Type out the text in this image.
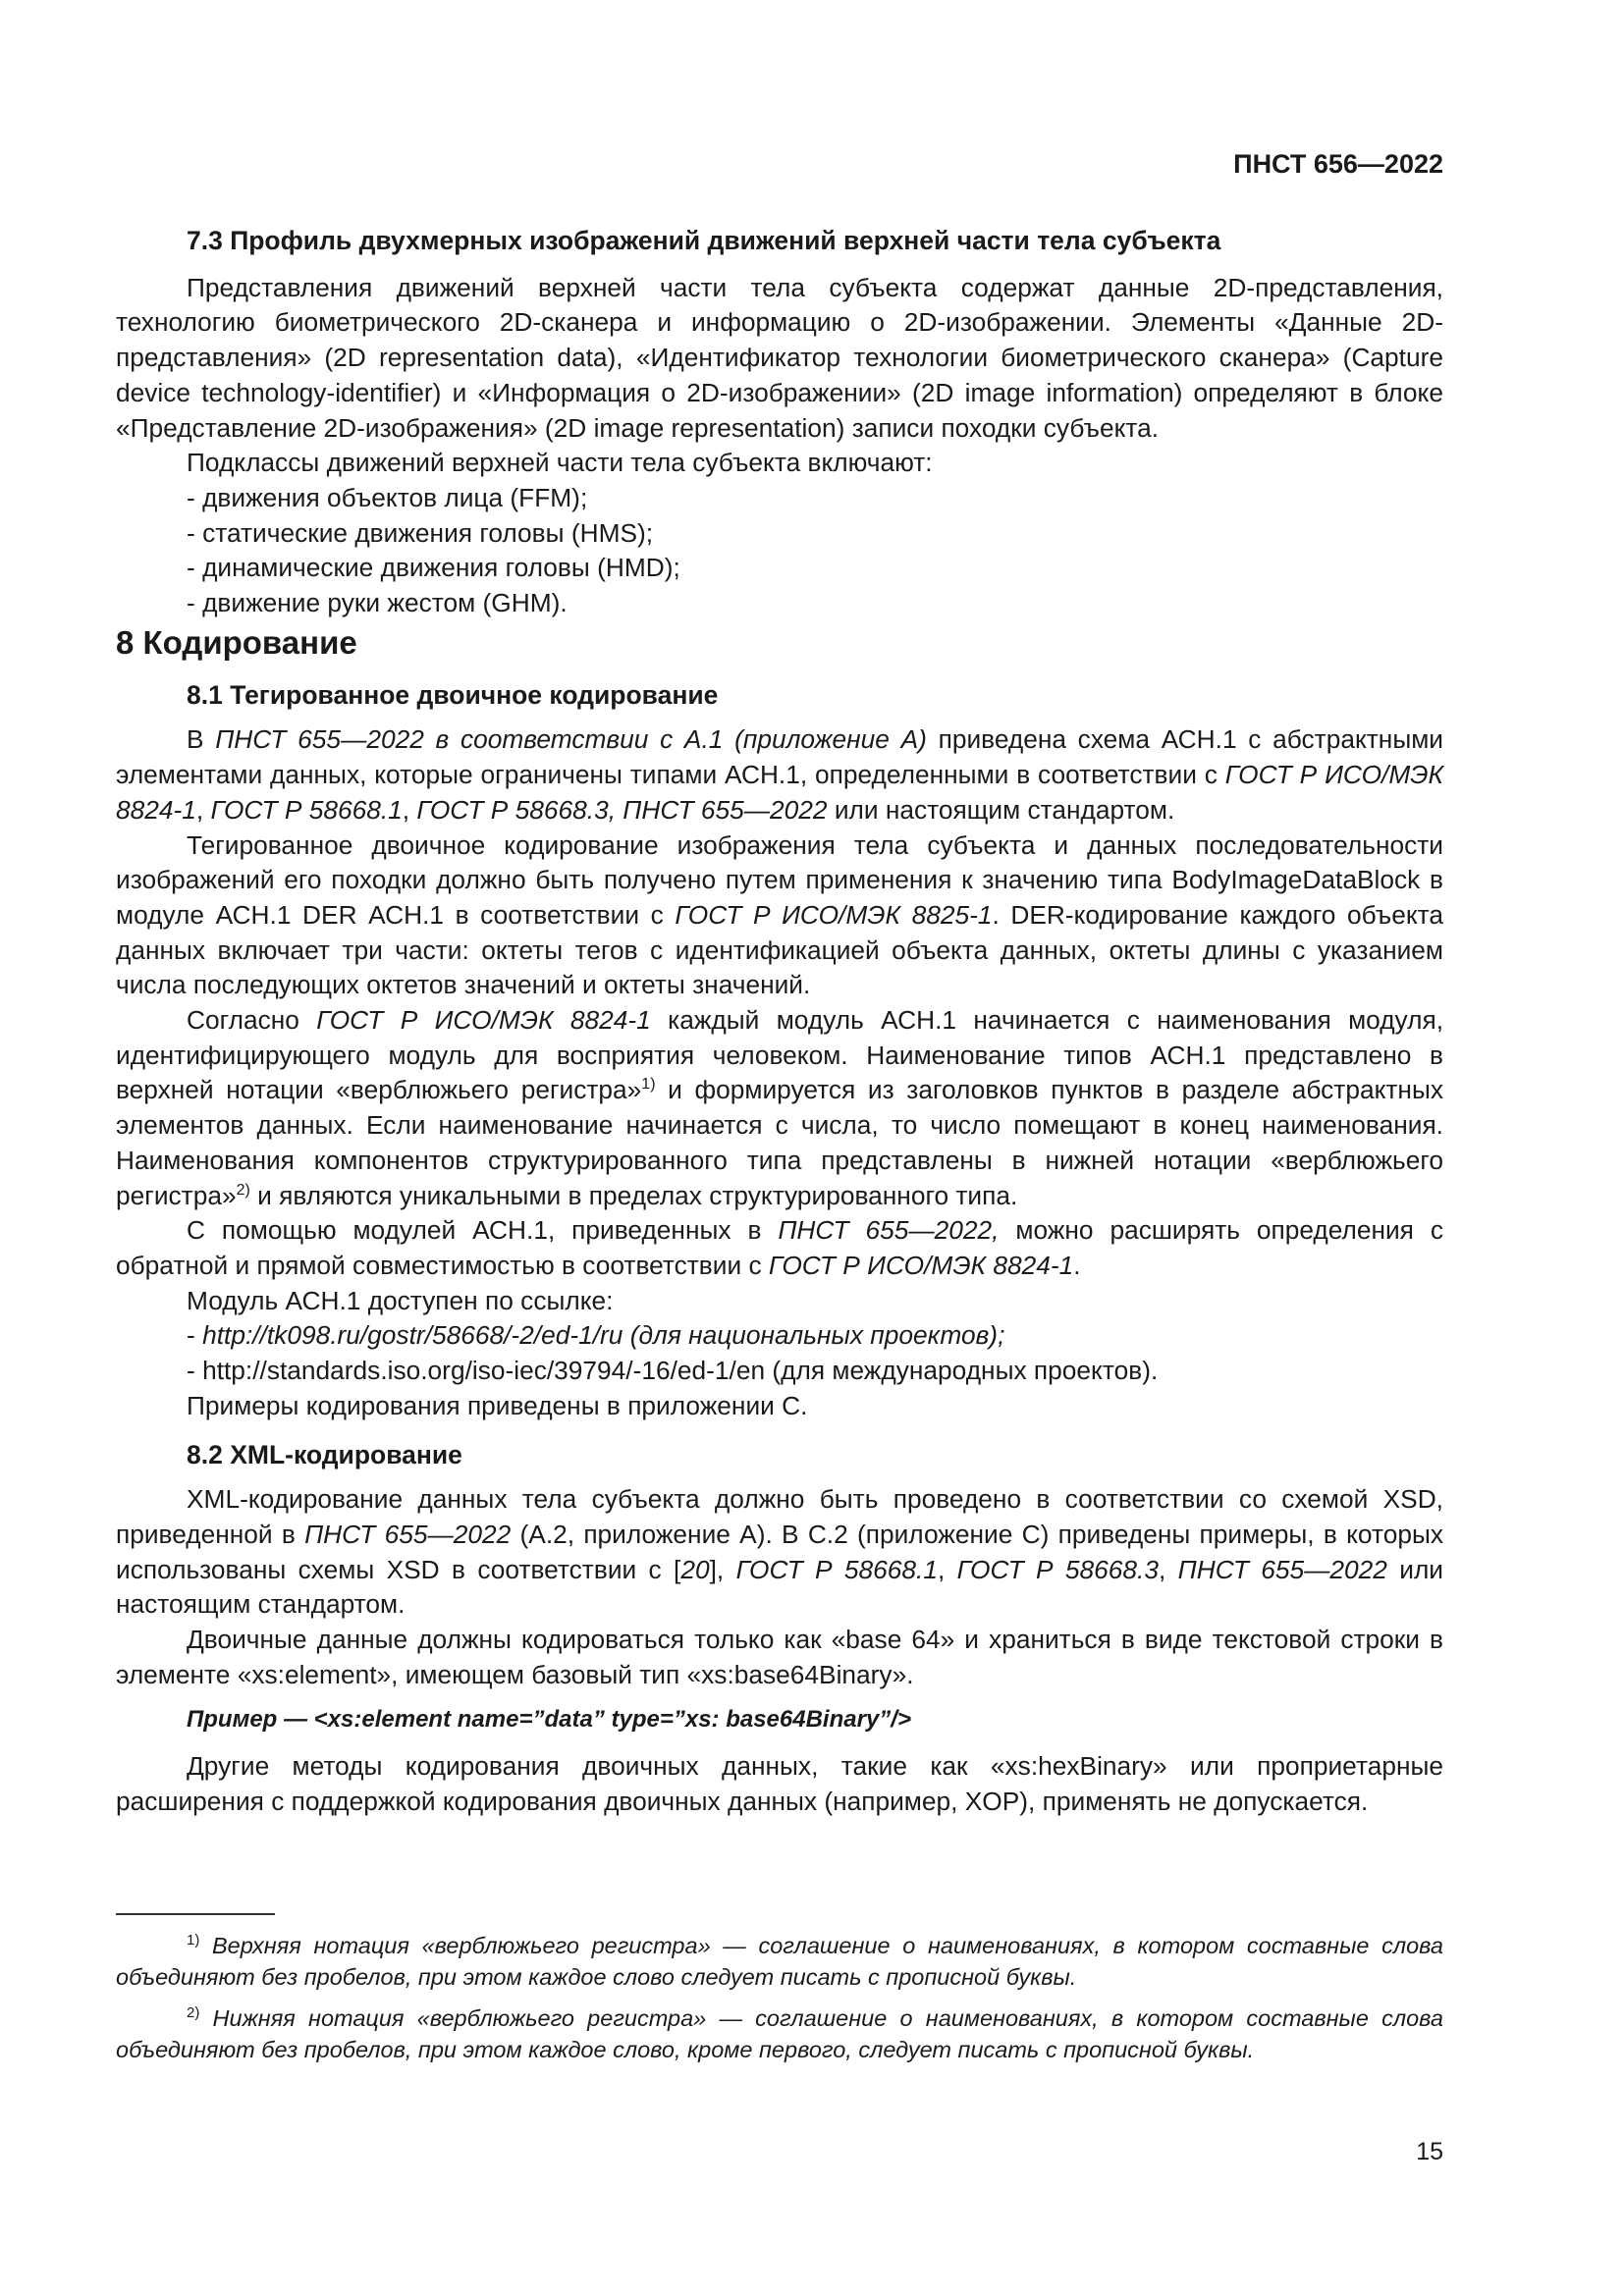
ПНСТ 656—2022

7.3 Профиль двухмерных изображений движений верхней части тела субъекта

Представления движений верхней части тела субъекта содержат данные 2D-представления, технологию биометрического 2D-сканера и информацию о 2D-изображении. Элементы «Данные 2D-представления» (2D representation data), «Идентификатор технологии биометрического сканера» (Capture device technology‑identifier) и «Информация о 2D-изображении» (2D image information) определяют в блоке «Представление 2D-изображения» (2D image representation) записи походки субъекта.

Подклассы движений верхней части тела субъекта включают:

- движения объектов лица (FFM);

- статические движения головы (HMS);

- динамические движения головы (HMD);

- движение руки жестом (GHM).

8 Кодирование

8.1 Тегированное двоичное кодирование

В ПНСТ 655—2022 в соответствии с А.1 (приложение А) приведена схема АСН.1 с абстрактными элементами данных, которые ограничены типами АСН.1, определенными в соответствии с ГОСТ Р ИСО/МЭК 8824-1, ГОСТ Р 58668.1, ГОСТ Р 58668.3, ПНСТ 655—2022 или настоящим стандартом.

Тегированное двоичное кодирование изображения тела субъекта и данных последовательности изображений его походки должно быть получено путем применения к значению типа BodyImageDataBlock в модуле АСН.1 DER АСН.1 в соответствии с ГОСТ Р ИСО/МЭК 8825-1. DER-кодирование каждого объекта данных включает три части: октеты тегов с идентификацией объекта данных, октеты длины с указанием числа последующих октетов значений и октеты значений.

Согласно ГОСТ Р ИСО/МЭК 8824-1 каждый модуль АСН.1 начинается с наименования модуля, идентифицирующего модуль для восприятия человеком. Наименование типов АСН.1 представлено в верхней нотации «верблюжьего регистра»$^{1)}$ и формируется из заголовков пунктов в разделе абстрактных элементов данных. Если наименование начинается с числа, то число помещают в конец наименования. Наименования компонентов структурированного типа представлены в нижней нотации «верблюжьего регистра»$^{2)}$ и являются уникальными в пределах структурированного типа.

С помощью модулей АСН.1, приведенных в ПНСТ 655—2022, можно расширять определения с обратной и прямой совместимостью в соответствии с ГОСТ Р ИСО/МЭК 8824-1.

Модуль АСН.1 доступен по ссылке:

- http://tk098.ru/gostr/58668/-2/ed-1/ru (для национальных проектов);

- http://standards.iso.org/iso-iec/39794/-16/ed-1/en (для международных проектов).

Примеры кодирования приведены в приложении С.

8.2 XML-кодирование

XML-кодирование данных тела субъекта должно быть проведено в соответствии со схемой XSD, приведенной в ПНСТ 655—2022 (А.2, приложение А). В С.2 (приложение С) приведены примеры, в которых использованы схемы XSD в соответствии с [20], ГОСТ Р 58668.1, ГОСТ Р 58668.3, ПНСТ 655—2022 или настоящим стандартом.

Двоичные данные должны кодироваться только как «base 64» и храниться в виде текстовой строки в элементе «xs:element», имеющем базовый тип «xs:base64Binary».

Пример — <xs:element name=”data” type=”xs: base64Binary”/>

Другие методы кодирования двоичных данных, такие как «xs:hexBinary» или проприетарные расширения с поддержкой кодирования двоичных данных (например, XOP), применять не допускается.

$^{1)}$ Верхняя нотация «верблюжьего регистра» — соглашение о наименованиях, в котором составные слова объединяют без пробелов, при этом каждое слово следует писать с прописной буквы.

$^{2)}$ Нижняя нотация «верблюжьего регистра» — соглашение о наименованиях, в котором составные слова объединяют без пробелов, при этом каждое слово, кроме первого, следует писать с прописной буквы.

15
